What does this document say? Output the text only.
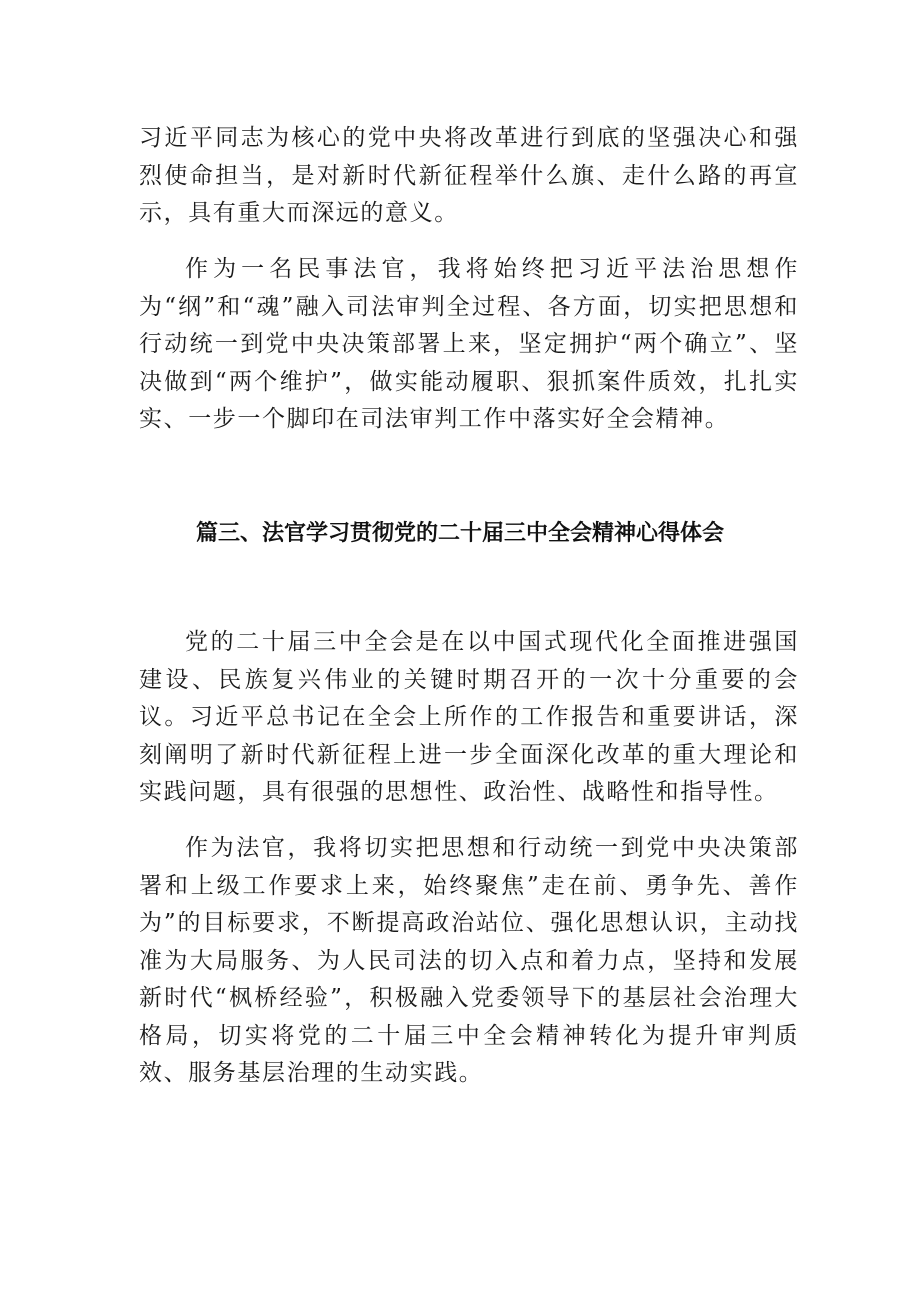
习近平同志为核心的党中央将改革进行到底的坚强决心和强烈使命担当，是对新时代新征程举什么旗、走什么路的再宣示，具有重大而深远的意义。

作为一名民事法官，我将始终把习近平法治思想作为“纲”和“魂”融入司法审判全过程、各方面，切实把思想和行动统一到党中央决策部署上来，坚定拥护“两个确立”、坚决做到“两个维护”，做实能动履职、狠抓案件质效，扎扎实实、一步一个脚印在司法审判工作中落实好全会精神。

篇三、法官学习贯彻党的二十届三中全会精神心得体会

党的二十届三中全会是在以中国式现代化全面推进强国建设、民族复兴伟业的关键时期召开的一次十分重要的会议。习近平总书记在全会上所作的工作报告和重要讲话，深刻阐明了新时代新征程上进一步全面深化改革的重大理论和实践问题，具有很强的思想性、政治性、战略性和指导性。

作为法官，我将切实把思想和行动统一到党中央决策部署和上级工作要求上来，始终聚焦”走在前、勇争先、善作为”的目标要求，不断提高政治站位、强化思想认识，主动找准为大局服务、为人民司法的切入点和着力点，坚持和发展新时代“枫桥经验”，积极融入党委领导下的基层社会治理大格局，切实将党的二十届三中全会精神转化为提升审判质效、服务基层治理的生动实践。
